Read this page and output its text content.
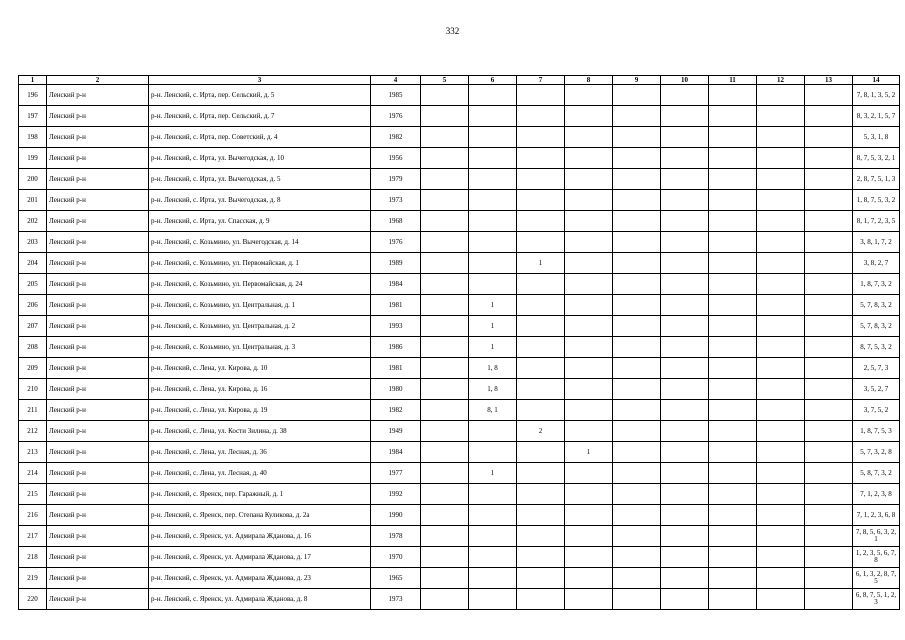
332
1	2	3	4	5	6	7	8	9	10	11	12	13	14
196	Ленский р-н	р-н. Ленский, с. Ирта, пер. Сельский, д. 5	1985										7, 8, 1, 3, 5, 2
197	Ленский р-н	р-н. Ленский, с. Ирта, пер. Сельский, д. 7	1976										8, 3, 2, 1, 5, 7
198	Ленский р-н	р-н. Ленский, с. Ирта, пер. Советский, д. 4	1982										5, 3, 1, 8
199	Ленский р-н	р-н. Ленский, с. Ирта, ул. Вычегодская, д. 10	1956										8, 7, 5, 3, 2, 1
200	Ленский р-н	р-н. Ленский, с. Ирта, ул. Вычегодская, д. 5	1979										2, 8, 7, 5, 1, 3
201	Ленский р-н	р-н. Ленский, с. Ирта, ул. Вычегодская, д. 8	1973										1, 8, 7, 5, 3, 2
202	Ленский р-н	р-н. Ленский, с. Ирта, ул. Спасская, д. 9	1968										8, 1, 7, 2, 3, 5
203	Ленский р-н	р-н. Ленский, с. Козьмино, ул. Вычегодская, д. 14	1976										3, 8, 1, 7, 2
204	Ленский р-н	р-н. Ленский, с. Козьмино, ул. Первомайская, д. 1	1989			1							3, 8, 2, 7
205	Ленский р-н	р-н. Ленский, с. Козьмино, ул. Первомайская, д. 24	1984										1, 8, 7, 3, 2
206	Ленский р-н	р-н. Ленский, с. Козьмино, ул. Центральная, д. 1	1981		1								5, 7, 8, 3, 2
207	Ленский р-н	р-н. Ленский, с. Козьмино, ул. Центральная, д. 2	1993		1								5, 7, 8, 3, 2
208	Ленский р-н	р-н. Ленский, с. Козьмино, ул. Центральная, д. 3	1986		1								8, 7, 5, 3, 2
209	Ленский р-н	р-н. Ленский, с. Лена, ул. Кирова, д. 10	1981		1, 8								2, 5, 7, 3
210	Ленский р-н	р-н. Ленский, с. Лена, ул. Кирова, д. 16	1980		1, 8								3, 5, 2, 7
211	Ленский р-н	р-н. Ленский, с. Лена, ул. Кирова, д. 19	1982		8, 1								3, 7, 5, 2
212	Ленский р-н	р-н. Ленский, с. Лена, ул. Кости Зилина, д. 38	1949			2							1, 8, 7, 5, 3
213	Ленский р-н	р-н. Ленский, с. Лена, ул. Лесная, д. 36	1984				1						5, 7, 3, 2, 8
214	Ленский р-н	р-н. Ленский, с. Лена, ул. Лесная, д. 40	1977		1								5, 8, 7, 3, 2
215	Ленский р-н	р-н. Ленский, с. Яренск, пер. Гаражный, д. 1	1992										7, 1, 2, 3, 8
216	Ленский р-н	р-н. Ленский, с. Яренск, пер. Степана Куликова, д. 2а	1990										7, 1, 2, 3, 6, 8
217	Ленский р-н	р-н. Ленский, с. Яренск, ул. Адмирала Жданова, д. 16	1978										7, 8, 5, 6, 3, 2, 1
218	Ленский р-н	р-н. Ленский, с. Яренск, ул. Адмирала Жданова, д. 17	1970										1, 2, 3, 5, 6, 7, 8
219	Ленский р-н	р-н. Ленский, с. Яренск, ул. Адмирала Жданова, д. 23	1965										6, 1, 3, 2, 8, 7, 5
220	Ленский р-н	р-н. Ленский, с. Яренск, ул. Адмирала Жданова, д. 8	1973										6, 8, 7, 5, 1, 2, 3
